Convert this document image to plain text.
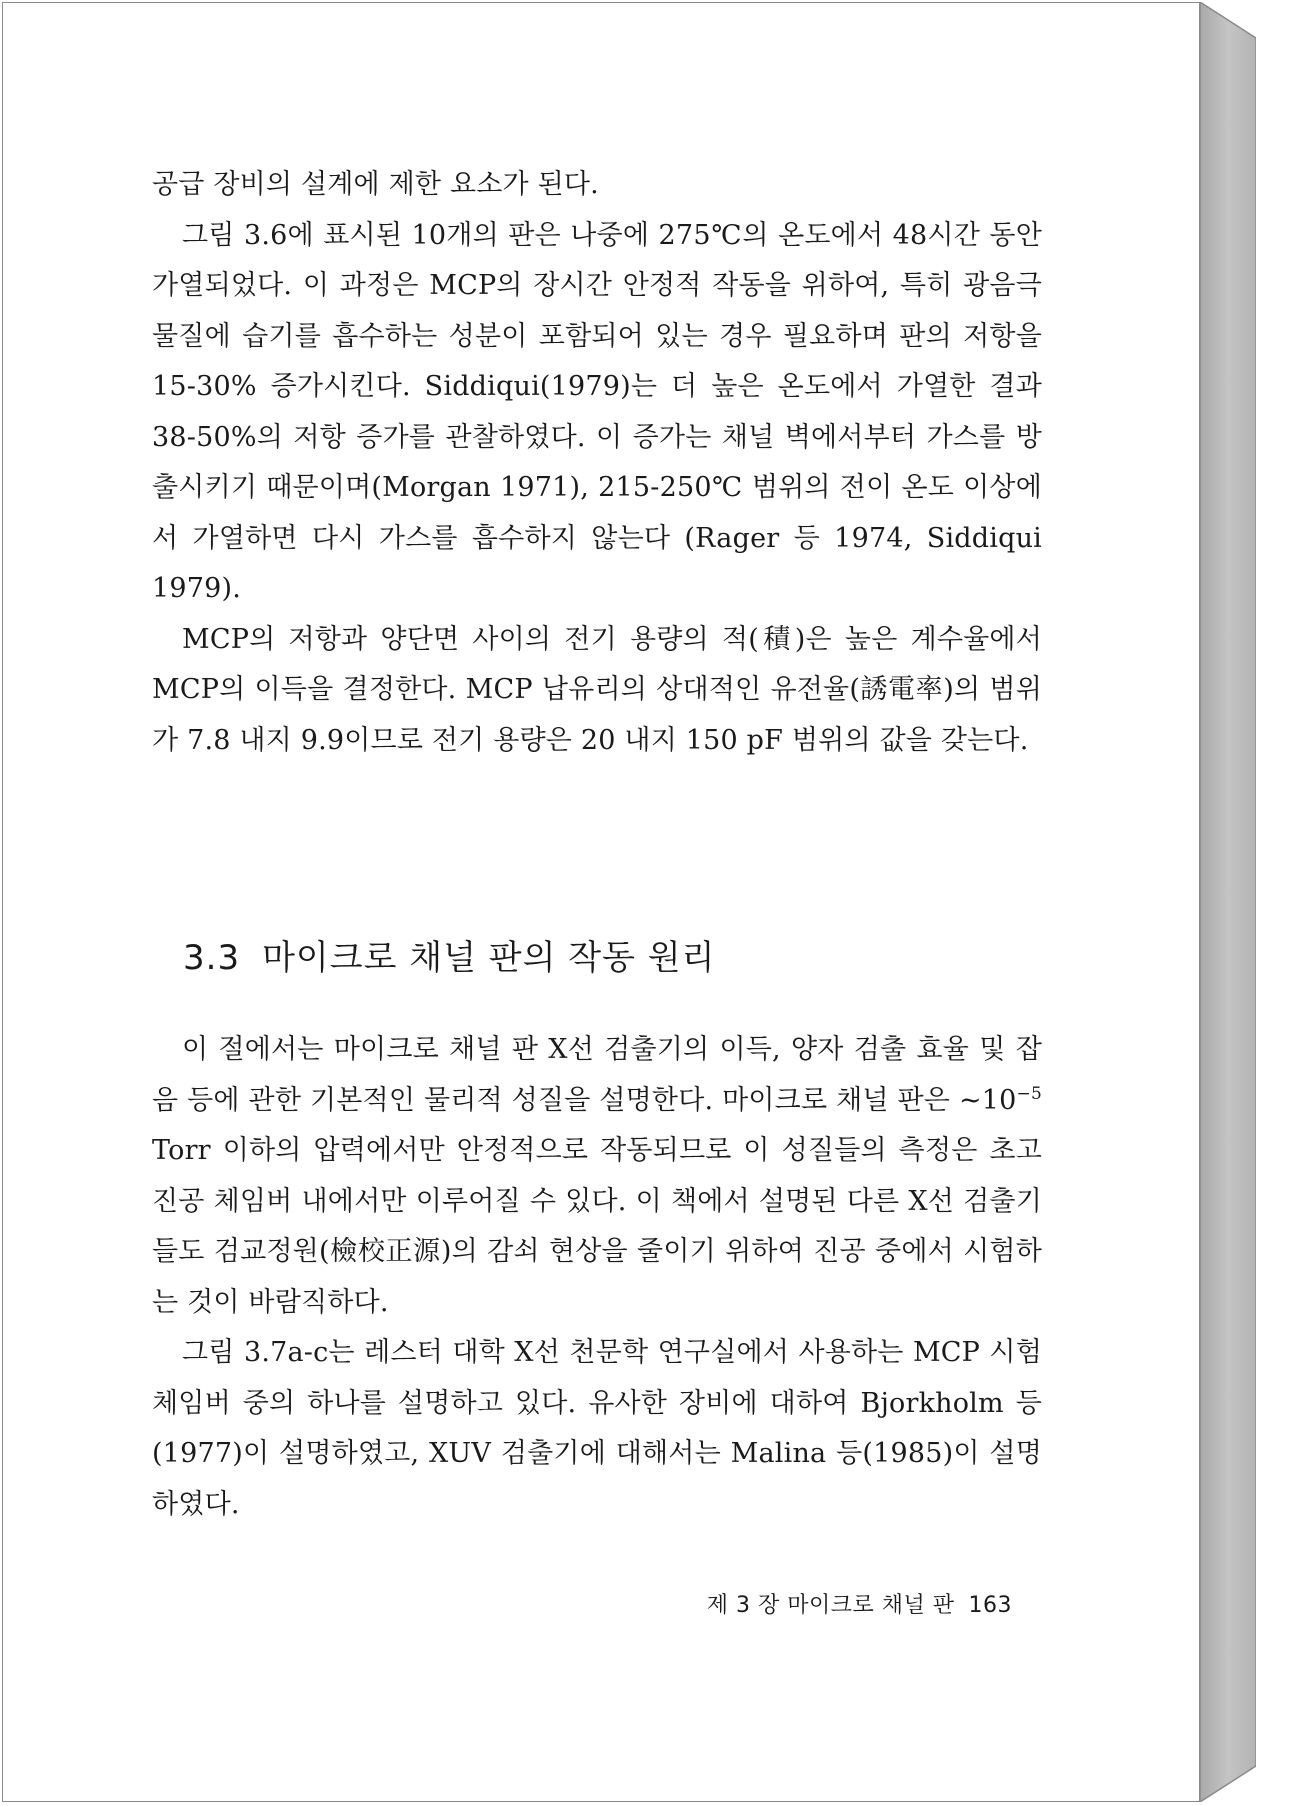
공급 장비의 설계에 제한 요소가 된다.

그림 3.6에 표시된 10개의 판은 나중에 275℃의 온도에서 48시간 동안 가열되었다. 이 과정은 MCP의 장시간 안정적 작동을 위하여, 특히 광음극 물질에 습기를 흡수하는 성분이 포함되어 있는 경우 필요하며 판의 저항을 15-30% 증가시킨다. Siddiqui(1979)는 더 높은 온도에서 가열한 결과 38-50%의 저항 증가를 관찰하였다. 이 증가는 채널 벽에서부터 가스를 방출시키기 때문이며(Morgan 1971), 215-250℃ 범위의 전이 온도 이상에서 가열하면 다시 가스를 흡수하지 않는다 (Rager 등 1974, Siddiqui 1979).

MCP의 저항과 양단면 사이의 전기 용량의 적(積)은 높은 계수율에서 MCP의 이득을 결정한다. MCP 납유리의 상대적인 유전율(誘電率)의 범위가 7.8 내지 9.9이므로 전기 용량은 20 내지 150 pF 범위의 값을 갖는다.

3.3 마이크로 채널 판의 작동 원리

이 절에서는 마이크로 채널 판 X선 검출기의 이득, 양자 검출 효율 및 잡음 등에 관한 기본적인 물리적 성질을 설명한다. 마이크로 채널 판은 $\sim 10^{-5}$ Torr 이하의 압력에서만 안정적으로 작동되므로 이 성질들의 측정은 초고진공 체임버 내에서만 이루어질 수 있다. 이 책에서 설명된 다른 X선 검출기들도 검교정원(檢校正源)의 감쇠 현상을 줄이기 위하여 진공 중에서 시험하는 것이 바람직하다.

그림 3.7a-c는 레스터 대학 X선 천문학 연구실에서 사용하는 MCP 시험 체임버 중의 하나를 설명하고 있다. 유사한 장비에 대하여 Bjorkholm 등(1977)이 설명하였고, XUV 검출기에 대해서는 Malina 등(1985)이 설명하였다.

제 3 장 마이크로 채널 판 163
